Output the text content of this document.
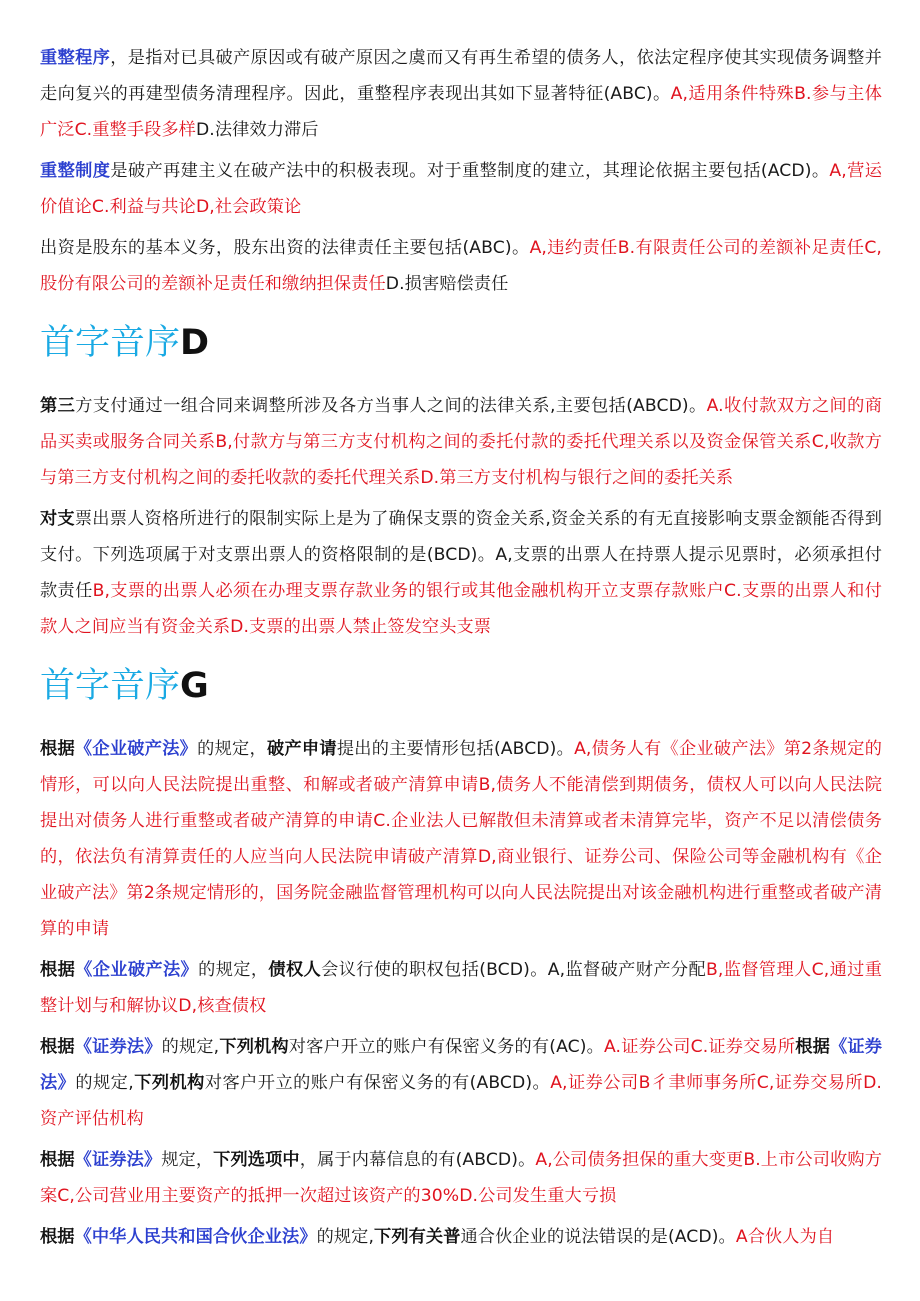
重整程序，是指对已具破产原因或有破产原因之虞而又有再生希望的债务人，依法定程序使其实现债务调整并走向复兴的再建型债务清理程序。因此，重整程序表现出其如下显著特征(ABC)。A,适用条件特殊B.参与主体广泛C.重整手段多样D.法律效力滞后

重整制度是破产再建主义在破产法中的积极表现。对于重整制度的建立，其理论依据主要包括(ACD)。A,营运价值论C.利益与共论D,社会政策论

出资是股东的基本义务，股东出资的法律责任主要包括(ABC)。A,违约责任B.有限责任公司的差额补足责任C,股份有限公司的差额补足责任和缴纳担保责任D.损害赔偿责任

首字音序D

第三方支付通过一组合同来调整所涉及各方当事人之间的法律关系,主要包括(ABCD)。A.收付款双方之间的商品买卖或服务合同关系B,付款方与第三方支付机构之间的委托付款的委托代理关系以及资金保管关系C,收款方与第三方支付机构之间的委托收款的委托代理关系D.第三方支付机构与银行之间的委托关系

对支票出票人资格所进行的限制实际上是为了确保支票的资金关系,资金关系的有无直接影响支票金额能否得到支付。下列选项属于对支票出票人的资格限制的是(BCD)。A,支票的出票人在持票人提示见票时，必须承担付款责任B,支票的出票人必须在办理支票存款业务的银行或其他金融机构开立支票存款账户C.支票的出票人和付款人之间应当有资金关系D.支票的出票人禁止签发空头支票

首字音序G

根据《企业破产法》的规定，破产申请提出的主要情形包括(ABCD)。A,债务人有《企业破产法》第2条规定的情形，可以向人民法院提出重整、和解或者破产清算申请B,债务人不能清偿到期债务，债权人可以向人民法院提出对债务人进行重整或者破产清算的申请C.企业法人已解散但未清算或者未清算完毕，资产不足以清偿债务的，依法负有清算责任的人应当向人民法院申请破产清算D,商业银行、证券公司、保险公司等金融机构有《企业破产法》第2条规定情形的，国务院金融监督管理机构可以向人民法院提出对该金融机构进行重整或者破产清算的申请

根据《企业破产法》的规定，债权人会议行使的职权包括(BCD)。A,监督破产财产分配B,监督管理人C,通过重整计划与和解协议D,核查债权

根据《证券法》的规定,下列机构对客户开立的账户有保密义务的有(AC)。A.证券公司C.证券交易所根据《证券法》的规定,下列机构对客户开立的账户有保密义务的有(ABCD)。A,证券公司B彳聿师事务所C,证券交易所D.资产评估机构

根据《证券法》规定，下列选项中，属于内幕信息的有(ABCD)。A,公司债务担保的重大变更B.上市公司收购方案C,公司营业用主要资产的抵押一次超过该资产的30%D.公司发生重大亏损

根据《中华人民共和国合伙企业法》的规定,下列有关普通合伙企业的说法错误的是(ACD)。A合伙人为自
